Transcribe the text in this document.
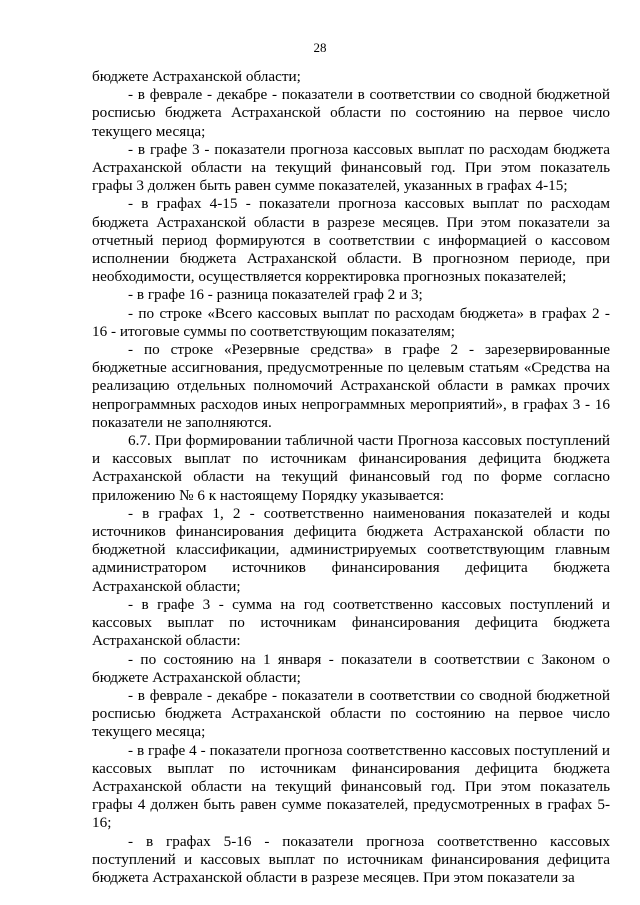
28

бюджете Астраханской области;

- в феврале - декабре - показатели в соответствии со сводной бюджетной росписью бюджета Астраханской области по состоянию на первое число текущего месяца;

- в графе 3 - показатели прогноза кассовых выплат по расходам бюджета Астраханской области на текущий финансовый год. При этом показатель графы 3 должен быть равен сумме показателей, указанных в графах 4-15;

- в графах 4-15 - показатели прогноза кассовых выплат по расходам бюджета Астраханской области в разрезе месяцев. При этом показатели за отчетный период формируются в соответствии с информацией о кассовом исполнении бюджета Астраханской области. В прогнозном периоде, при необходимости, осуществляется корректировка прогнозных показателей;

- в графе 16 - разница показателей граф 2 и 3;

- по строке «Всего кассовых выплат по расходам бюджета» в графах 2 - 16 - итоговые суммы по соответствующим показателям;

- по строке «Резервные средства» в графе 2 - зарезервированные бюджетные ассигнования, предусмотренные по целевым статьям «Средства на реализацию отдельных полномочий Астраханской области в рамках прочих непрограммных расходов иных непрограммных мероприятий», в графах 3 - 16 показатели не заполняются.

6.7. При формировании табличной части Прогноза кассовых поступлений и кассовых выплат по источникам финансирования дефицита бюджета Астраханской области на текущий финансовый год по форме согласно приложению № 6 к настоящему Порядку указывается:

- в графах 1, 2 - соответственно наименования показателей и коды источников финансирования дефицита бюджета Астраханской области по бюджетной классификации, администрируемых соответствующим главным администратором источников финансирования дефицита бюджета Астраханской области;

- в графе 3 - сумма на год соответственно кассовых поступлений и кассовых выплат по источникам финансирования дефицита бюджета Астраханской области:

- по состоянию на 1 января - показатели в соответствии с Законом о бюджете Астраханской области;

- в феврале - декабре - показатели в соответствии со сводной бюджетной росписью бюджета Астраханской области по состоянию на первое число текущего месяца;

- в графе 4 - показатели прогноза соответственно кассовых поступлений и кассовых выплат по источникам финансирования дефицита бюджета Астраханской области на текущий финансовый год. При этом показатель графы 4 должен быть равен сумме показателей, предусмотренных в графах 5-16;

- в графах 5-16 - показатели прогноза соответственно кассовых поступлений и кассовых выплат по источникам финансирования дефицита бюджета Астраханской области в разрезе месяцев. При этом показатели за
